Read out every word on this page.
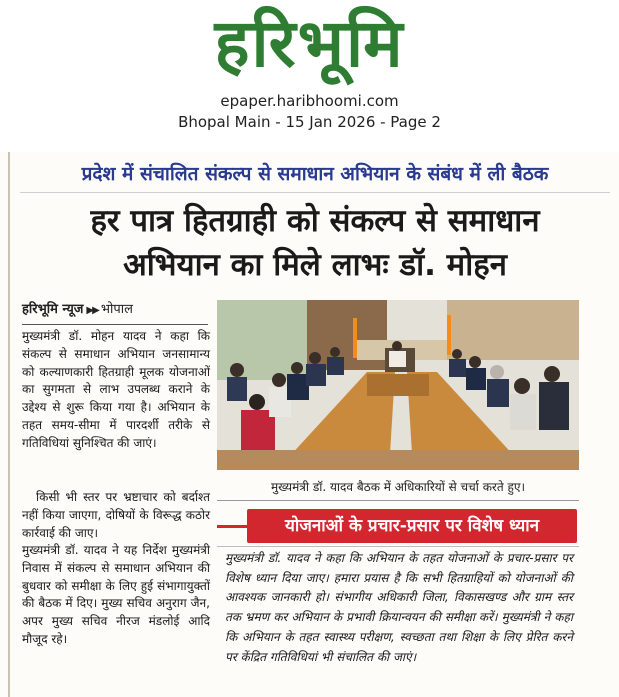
हरिभूमि
epaper.haribhoomi.com
Bhopal Main - 15 Jan 2026 - Page 2
प्रदेश में संचालित संकल्प से समाधान अभियान के संबंध में ली बैठक
हर पात्र हितग्राही को संकल्प से समाधान
अभियान का मिले लाभः डॉ. मोहन
हरिभूमि न्यूज ▶▶ भोपाल
मुख्यमंत्री डॉ. मोहन यादव ने कहा कि संकल्प से समाधान अभियान जनसामान्य को कल्याणकारी हितग्राही मूलक योजनाओं का सुगमता से लाभ उपलब्ध कराने के उद्देश्य से शुरू किया गया है। अभियान के तहत समय-सीमा में पारदर्शी तरीके से गतिविधियां सुनिश्चित की जाएं।
किसी भी स्तर पर भ्रष्टाचार को बर्दाश्त नहीं किया जाएगा, दोषियों के विरूद्ध कठोर कार्रवाई की जाए।
मुख्यमंत्री डॉ. यादव ने यह निर्देश मुख्यमंत्री निवास में संकल्प से समाधान अभियान की बुधवार को समीक्षा के लिए हुई संभागायुक्तों की बैठक में दिए। मुख्य सचिव अनुराग जैन, अपर मुख्य सचिव नीरज मंडलोई आदि मौजूद रहे।
मुख्यमंत्री डॉ. यादव बैठक में अधिकारियों से चर्चा करते हुए।
योजनाओं के प्रचार-प्रसार पर विशेष ध्यान
मुख्यमंत्री डॉ. यादव ने कहा कि अभियान के तहत योजनाओं के प्रचार-प्रसार पर विशेष ध्यान दिया जाए। हमारा प्रयास है कि सभी हितग्राहियों को योजनाओं की आवश्यक जानकारी हो। संभागीय अधिकारी जिला, विकासखण्ड और ग्राम स्तर तक भ्रमण कर अभियान के प्रभावी क्रियान्वयन की समीक्षा करें। मुख्यमंत्री ने कहा कि अभियान के तहत स्वास्थ्य परीक्षण, स्वच्छता तथा शिक्षा के लिए प्रेरित करने पर केंद्रित गतिविधियां भी संचालित की जाएं।
